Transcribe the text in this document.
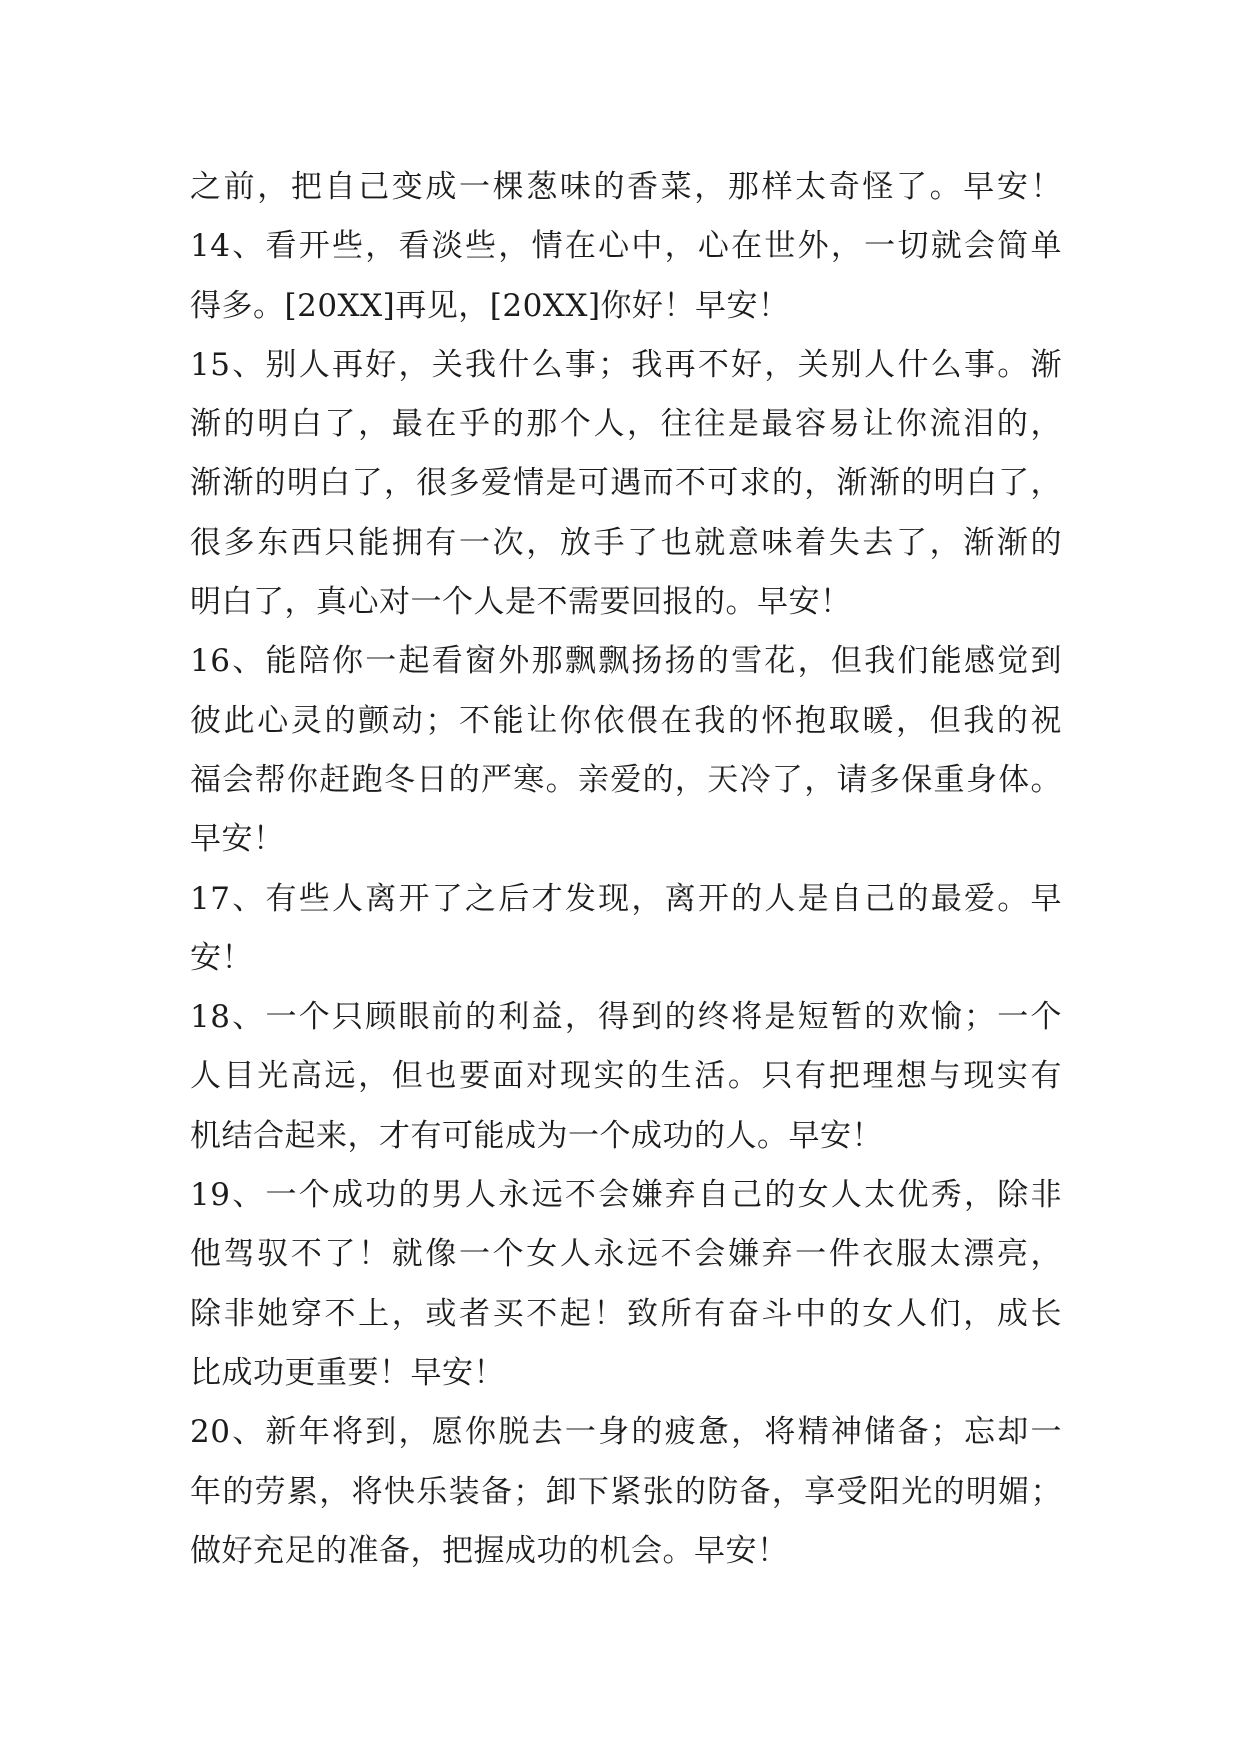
之前，把自己变成一棵葱味的香菜，那样太奇怪了。早安！
14、看开些，看淡些，情在心中，心在世外，一切就会简单
得多。[20XX]再见，[20XX]你好！早安！
15、别人再好，关我什么事；我再不好，关别人什么事。渐
渐的明白了，最在乎的那个人，往往是最容易让你流泪的，
渐渐的明白了，很多爱情是可遇而不可求的，渐渐的明白了，
很多东西只能拥有一次，放手了也就意味着失去了，渐渐的
明白了，真心对一个人是不需要回报的。早安！
16、能陪你一起看窗外那飘飘扬扬的雪花，但我们能感觉到
彼此心灵的颤动；不能让你依偎在我的怀抱取暖，但我的祝
福会帮你赶跑冬日的严寒。亲爱的，天冷了，请多保重身体。
早安！
17、有些人离开了之后才发现，离开的人是自己的最爱。早
安！
18、一个只顾眼前的利益，得到的终将是短暂的欢愉；一个
人目光高远，但也要面对现实的生活。只有把理想与现实有
机结合起来，才有可能成为一个成功的人。早安！
19、一个成功的男人永远不会嫌弃自己的女人太优秀，除非
他驾驭不了！就像一个女人永远不会嫌弃一件衣服太漂亮，
除非她穿不上，或者买不起！致所有奋斗中的女人们，成长
比成功更重要！早安！
20、新年将到，愿你脱去一身的疲惫，将精神储备；忘却一
年的劳累，将快乐装备；卸下紧张的防备，享受阳光的明媚；
做好充足的准备，把握成功的机会。早安！
